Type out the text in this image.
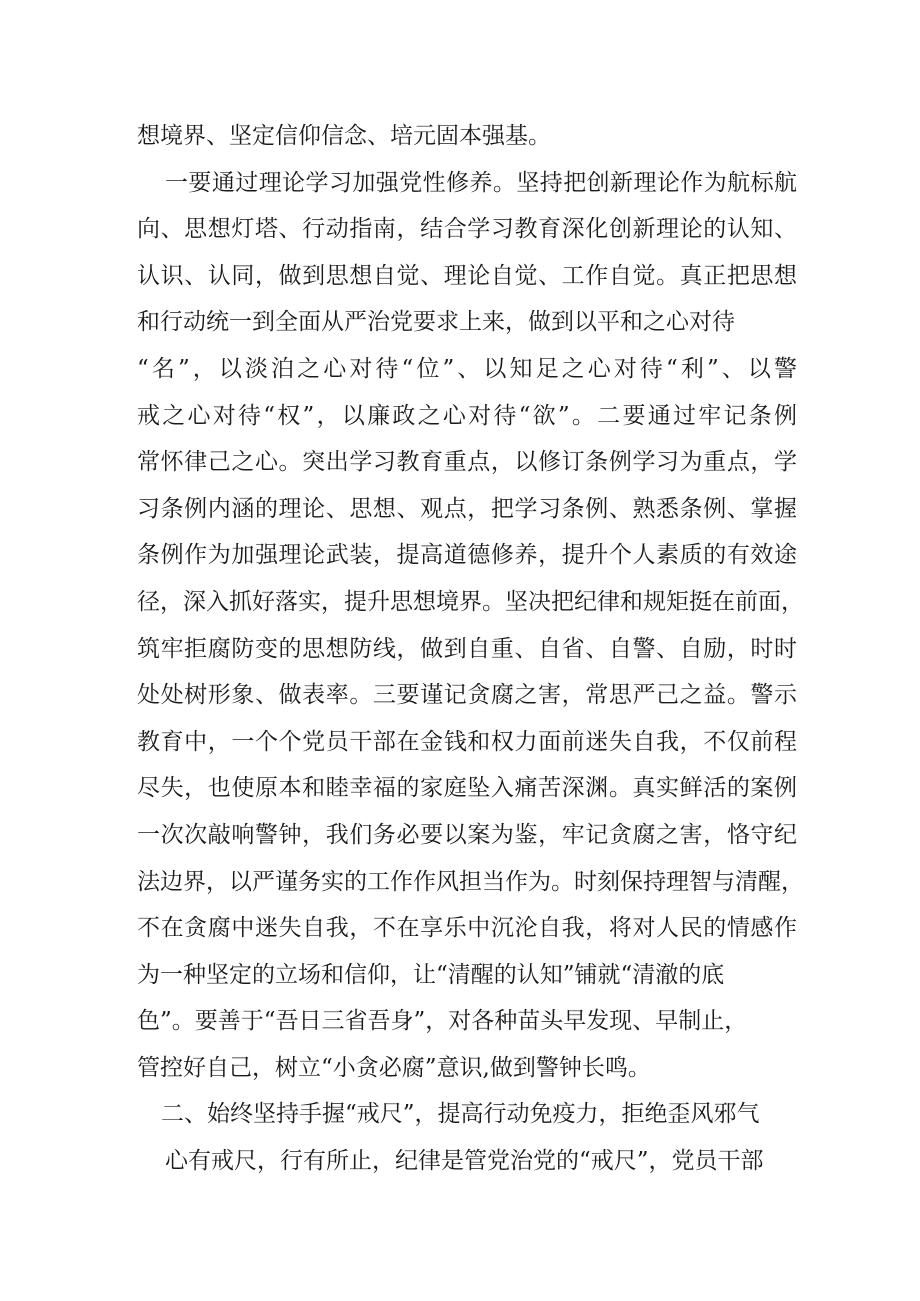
想境界、坚定信仰信念、培元固本强基。
一要通过理论学习加强党性修养。坚持把创新理论作为航标航
向、思想灯塔、行动指南，结合学习教育深化创新理论的认知、
认识、认同，做到思想自觉、理论自觉、工作自觉。真正把思想
和行动统一到全面从严治党要求上来，做到以平和之心对待
“名”，以淡泊之心对待“位”、以知足之心对待“利”、以警
戒之心对待“权”，以廉政之心对待“欲”。二要通过牢记条例
常怀律己之心。突出学习教育重点，以修订条例学习为重点，学
习条例内涵的理论、思想、观点，把学习条例、熟悉条例、掌握
条例作为加强理论武装，提高道德修养，提升个人素质的有效途
径，深入抓好落实，提升思想境界。坚决把纪律和规矩挺在前面，
筑牢拒腐防变的思想防线，做到自重、自省、自警、自励，时时
处处树形象、做表率。三要谨记贪腐之害，常思严己之益。警示
教育中，一个个党员干部在金钱和权力面前迷失自我，不仅前程
尽失，也使原本和睦幸福的家庭坠入痛苦深渊。真实鲜活的案例
一次次敲响警钟，我们务必要以案为鉴，牢记贪腐之害，恪守纪
法边界，以严谨务实的工作作风担当作为。时刻保持理智与清醒，
不在贪腐中迷失自我，不在享乐中沉沦自我，将对人民的情感作
为一种坚定的立场和信仰，让“清醒的认知”铺就“清澈的底
色”。要善于“吾日三省吾身”，对各种苗头早发现、早制止，
管控好自己，树立“小贪必腐”意识,做到警钟长鸣。
二、始终坚持手握“戒尺”，提高行动免疫力，拒绝歪风邪气
心有戒尺，行有所止，纪律是管党治党的“戒尺”，党员干部
